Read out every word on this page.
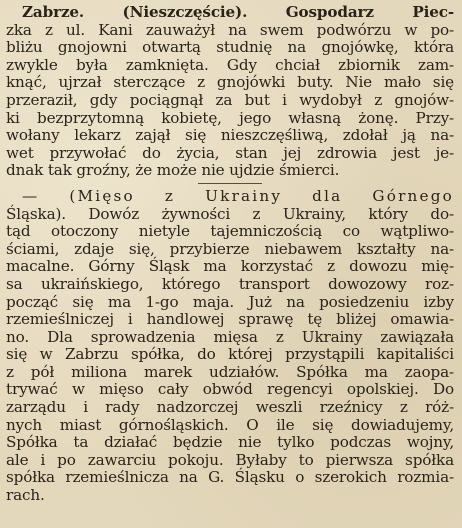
Zabrze. (Nieszczęście). Gospodarz Piec-
zka z ul. Kani zauważył na swem podwórzu w po-
bliżu gnojowni otwartą studnię na gnojówkę, która
zwykle była zamknięta. Gdy chciał zbiornik zam-
knąć, ujrzał sterczące z gnojówki buty. Nie mało się
przeraził, gdy pociągnął za but i wydobył z gnojów-
ki bezprzytomną kobietę, jego własną żonę. Przy-
wołany lekarz zajął się nieszczęśliwą, zdołał ją na-
wet przywołać do życia, stan jej zdrowia jest je-
dnak tak groźny, że może nie ujdzie śmierci.
— (Mięso z Ukrainy dla Górnego
Śląska). Dowóz żywności z Ukrainy, który do-
tąd otoczony nietyle tajemniczością co wątpliwo-
ściami, zdaje się, przybierze niebawem kształty na-
macalne. Górny Śląsk ma korzystać z dowozu mię-
sa ukraińskiego, którego transport dowozowy roz-
począć się ma 1-go maja. Już na posiedzeniu izby
rzemieślniczej i handlowej sprawę tę bliżej omawia-
no. Dla sprowadzenia mięsa z Ukrainy zawiązała
się w Zabrzu spółka, do której przystąpili kapitaliści
z pół miliona marek udziałów. Spółka ma zaopa-
trywać w mięso cały obwód regencyi opolskiej. Do
zarządu i rady nadzorczej weszli rzeźnicy z róż-
nych miast górnośląskich. O ile się dowiadujemy,
Spółka ta działać będzie nie tylko podczas wojny,
ale i po zawarciu pokoju. Byłaby to pierwsza spółka
spółka rzemieślnicza na G. Śląsku o szerokich rozmia-
rach.
